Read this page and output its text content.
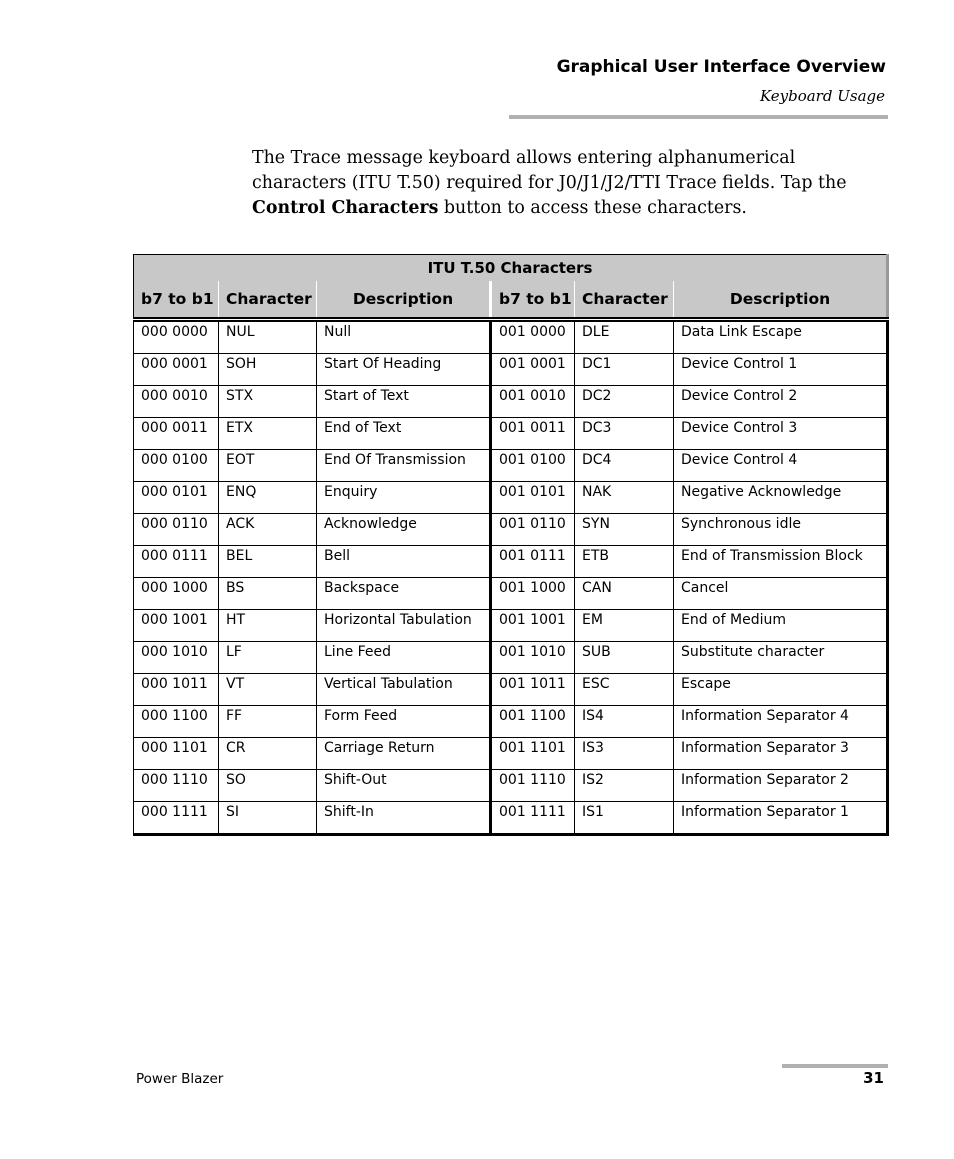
Graphical User Interface Overview
Keyboard Usage

The Trace message keyboard allows entering alphanumerical characters (ITU T.50) required for J0/J1/J2/TTI Trace fields. Tap the Control Characters button to access these characters.

ITU T.50 Characters					
b7 to b1	Character	Description	b7 to b1	Character	Description
000 0000	NUL	Null	001 0000	DLE	Data Link Escape
000 0001	SOH	Start Of Heading	001 0001	DC1	Device Control 1
000 0010	STX	Start of Text	001 0010	DC2	Device Control 2
000 0011	ETX	End of Text	001 0011	DC3	Device Control 3
000 0100	EOT	End Of Transmission	001 0100	DC4	Device Control 4
000 0101	ENQ	Enquiry	001 0101	NAK	Negative Acknowledge
000 0110	ACK	Acknowledge	001 0110	SYN	Synchronous idle
000 0111	BEL	Bell	001 0111	ETB	End of Transmission Block
000 1000	BS	Backspace	001 1000	CAN	Cancel
000 1001	HT	Horizontal Tabulation	001 1001	EM	End of Medium
000 1010	LF	Line Feed	001 1010	SUB	Substitute character
000 1011	VT	Vertical Tabulation	001 1011	ESC	Escape
000 1100	FF	Form Feed	001 1100	IS4	Information Separator 4
000 1101	CR	Carriage Return	001 1101	IS3	Information Separator 3
000 1110	SO	Shift-Out	001 1110	IS2	Information Separator 2
000 1111	SI	Shift-In	001 1111	IS1	Information Separator 1
Power Blazer	31
